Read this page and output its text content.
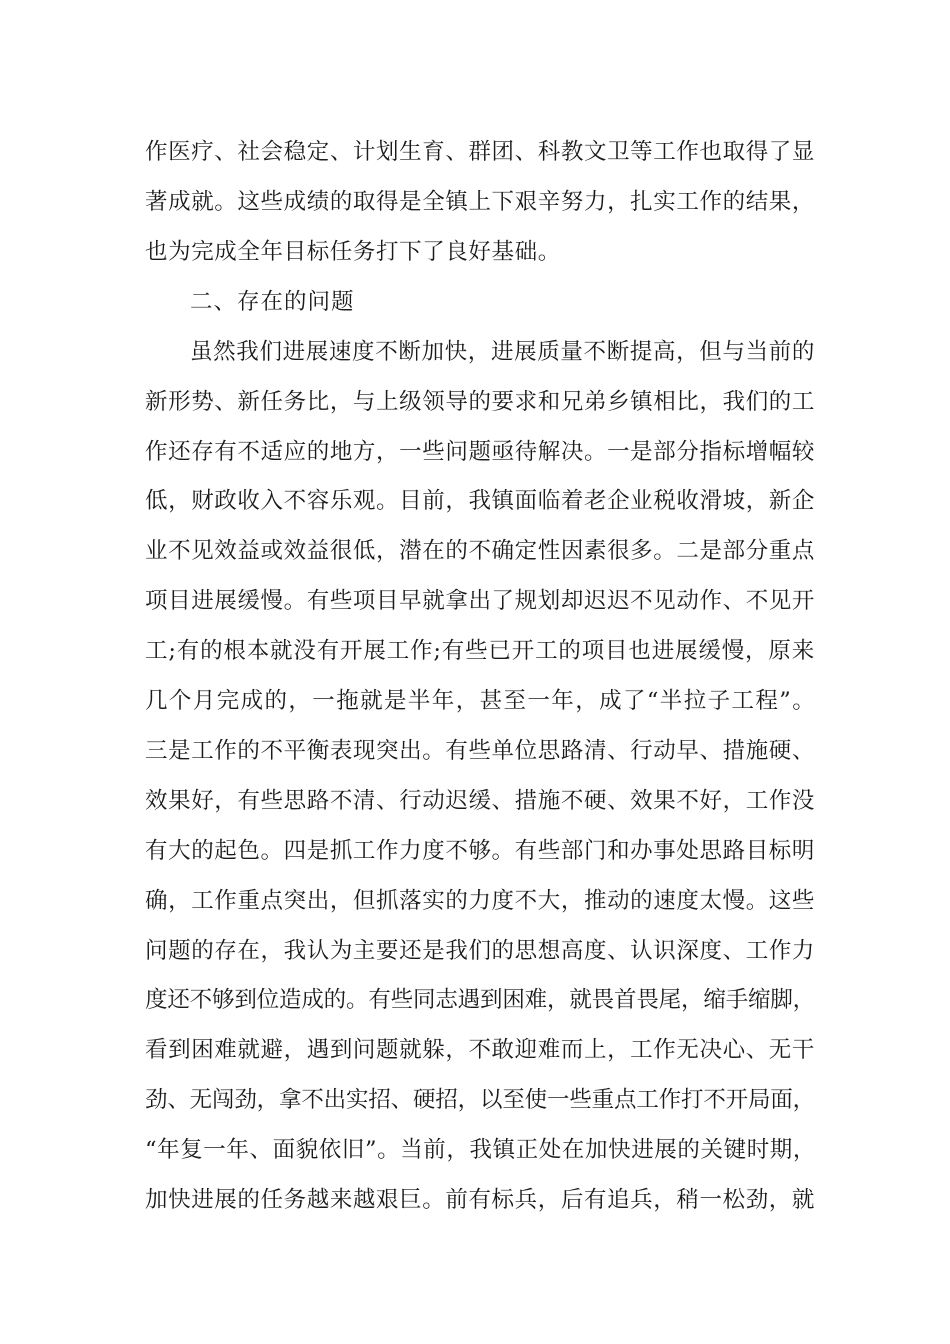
作医疗、社会稳定、计划生育、群团、科教文卫等工作也取得了显

著成就。这些成绩的取得是全镇上下艰辛努力，扎实工作的结果，

也为完成全年目标任务打下了良好基础。

二、存在的问题

虽然我们进展速度不断加快，进展质量不断提高，但与当前的

新形势、新任务比，与上级领导的要求和兄弟乡镇相比，我们的工

作还存有不适应的地方，一些问题亟待解决。一是部分指标增幅较

低，财政收入不容乐观。目前，我镇面临着老企业税收滑坡，新企

业不见效益或效益很低，潜在的不确定性因素很多。二是部分重点

项目进展缓慢。有些项目早就拿出了规划却迟迟不见动作、不见开

工;有的根本就没有开展工作;有些已开工的项目也进展缓慢，原来

几个月完成的，一拖就是半年，甚至一年，成了“半拉子工程”。

三是工作的不平衡表现突出。有些单位思路清、行动早、措施硬、

效果好，有些思路不清、行动迟缓、措施不硬、效果不好，工作没

有大的起色。四是抓工作力度不够。有些部门和办事处思路目标明

确，工作重点突出，但抓落实的力度不大，推动的速度太慢。这些

问题的存在，我认为主要还是我们的思想高度、认识深度、工作力

度还不够到位造成的。有些同志遇到困难，就畏首畏尾，缩手缩脚，

看到困难就避，遇到问题就躲，不敢迎难而上，工作无决心、无干

劲、无闯劲，拿不出实招、硬招，以至使一些重点工作打不开局面，

“年复一年、面貌依旧”。当前，我镇正处在加快进展的关键时期，

加快进展的任务越来越艰巨。前有标兵，后有追兵，稍一松劲，就
